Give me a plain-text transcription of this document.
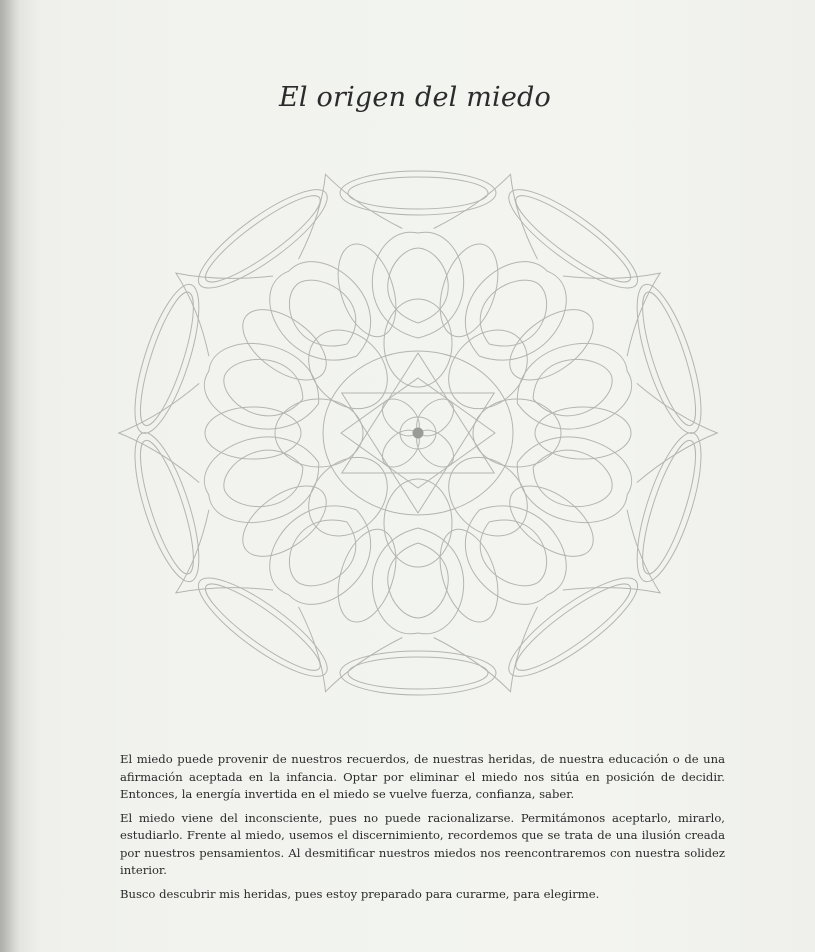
El origen del miedo

El miedo puede provenir de nuestros recuerdos, de nuestras heridas, de nuestra educación o de una afirmación aceptada en la infancia. Optar por eliminar el miedo nos sitúa en posición de decidir. Entonces, la energía invertida en el miedo se vuelve fuerza, confianza, saber.

El miedo viene del inconsciente, pues no puede racionalizarse. Permitámonos aceptarlo, mirarlo, estudiarlo. Frente al miedo, usemos el discernimiento, recordemos que se trata de una ilusión creada por nuestros pensamientos. Al desmitificar nuestros miedos nos reencontraremos con nuestra solidez interior.

Busco descubrir mis heridas, pues estoy preparado para curarme, para elegirme.
